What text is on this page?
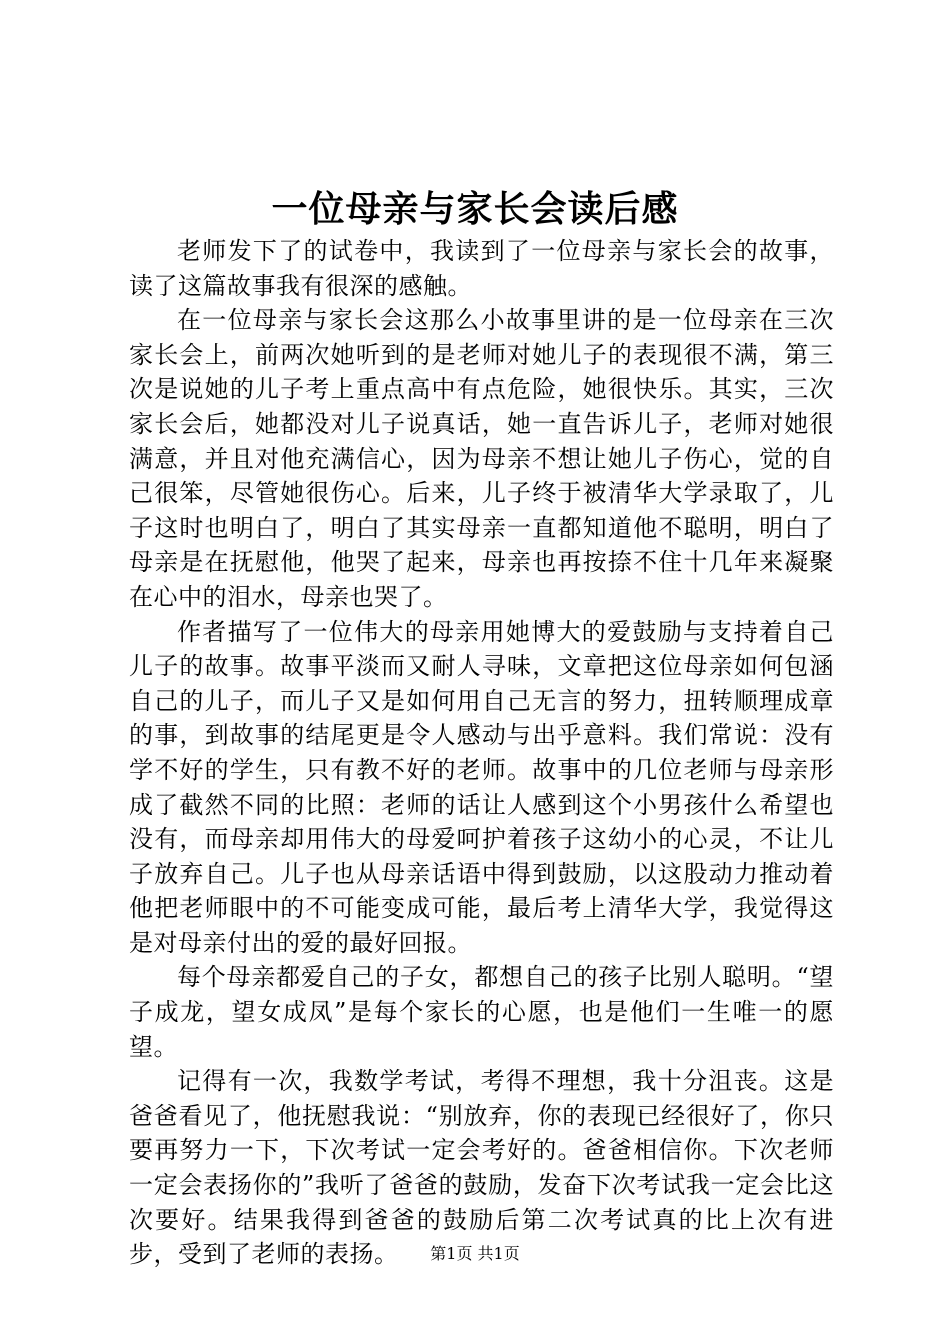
一位母亲与家长会读后感

老师发下了的试卷中，我读到了一位母亲与家长会的故事，读了这篇故事我有很深的感触。

在一位母亲与家长会这那么小故事里讲的是一位母亲在三次家长会上，前两次她听到的是老师对她儿子的表现很不满，第三次是说她的儿子考上重点高中有点危险，她很快乐。其实，三次家长会后，她都没对儿子说真话，她一直告诉儿子，老师对她很满意，并且对他充满信心，因为母亲不想让她儿子伤心，觉的自己很笨，尽管她很伤心。后来，儿子终于被清华大学录取了，儿子这时也明白了，明白了其实母亲一直都知道他不聪明，明白了母亲是在抚慰他，他哭了起来，母亲也再按捺不住十几年来凝聚在心中的泪水，母亲也哭了。

作者描写了一位伟大的母亲用她博大的爱鼓励与支持着自己儿子的故事。故事平淡而又耐人寻味，文章把这位母亲如何包涵自己的儿子，而儿子又是如何用自己无言的努力，扭转顺理成章的事，到故事的结尾更是令人感动与出乎意料。我们常说：没有学不好的学生，只有教不好的老师。故事中的几位老师与母亲形成了截然不同的比照：老师的话让人感到这个小男孩什么希望也没有，而母亲却用伟大的母爱呵护着孩子这幼小的心灵，不让儿子放弃自己。儿子也从母亲话语中得到鼓励，以这股动力推动着他把老师眼中的不可能变成可能，最后考上清华大学，我觉得这是对母亲付出的爱的最好回报。

每个母亲都爱自己的子女，都想自己的孩子比别人聪明。“望子成龙，望女成凤”是每个家长的心愿，也是他们一生唯一的愿望。

记得有一次，我数学考试，考得不理想，我十分沮丧。这是爸爸看见了，他抚慰我说：“别放弃，你的表现已经很好了，你只要再努力一下，下次考试一定会考好的。爸爸相信你。下次老师一定会表扬你的”我听了爸爸的鼓励，发奋下次考试我一定会比这次要好。结果我得到爸爸的鼓励后第二次考试真的比上次有进步，受到了老师的表扬。	第1页 共1页
